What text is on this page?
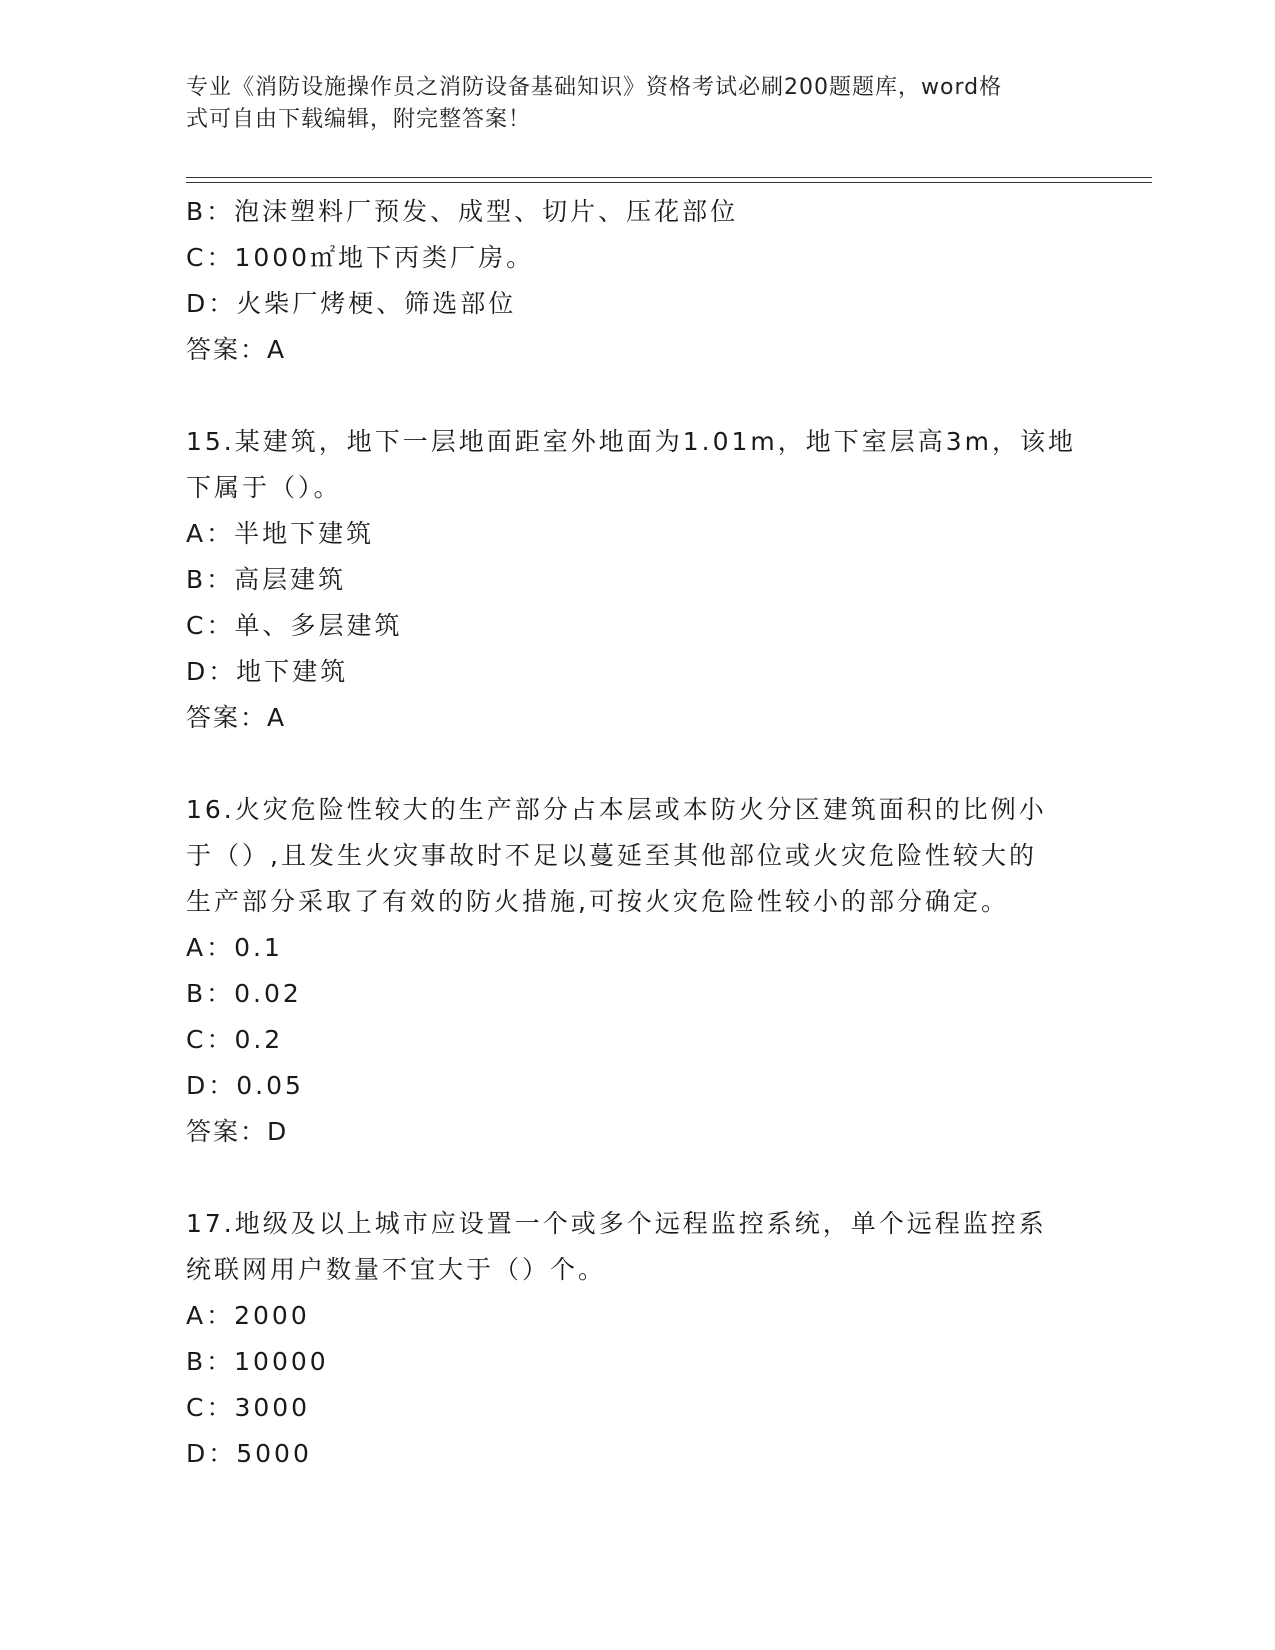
专业《消防设施操作员之消防设备基础知识》资格考试必刷200题题库，word格
式可自由下载编辑，附完整答案！
B：泡沫塑料厂预发、成型、切片、压花部位
C：1000㎡地下丙类厂房。
D：火柴厂烤梗、筛选部位
答案：A
15.某建筑，地下一层地面距室外地面为1.01m，地下室层高3m，该地
下属于（）。
A：半地下建筑
B：高层建筑
C：单、多层建筑
D：地下建筑
答案：A
16.火灾危险性较大的生产部分占本层或本防火分区建筑面积的比例小
于（）,且发生火灾事故时不足以蔓延至其他部位或火灾危险性较大的
生产部分采取了有效的防火措施,可按火灾危险性较小的部分确定。
A：0.1
B：0.02
C：0.2
D：0.05
答案：D
17.地级及以上城市应设置一个或多个远程监控系统，单个远程监控系
统联网用户数量不宜大于（）个。
A：2000
B：10000
C：3000
D：5000
